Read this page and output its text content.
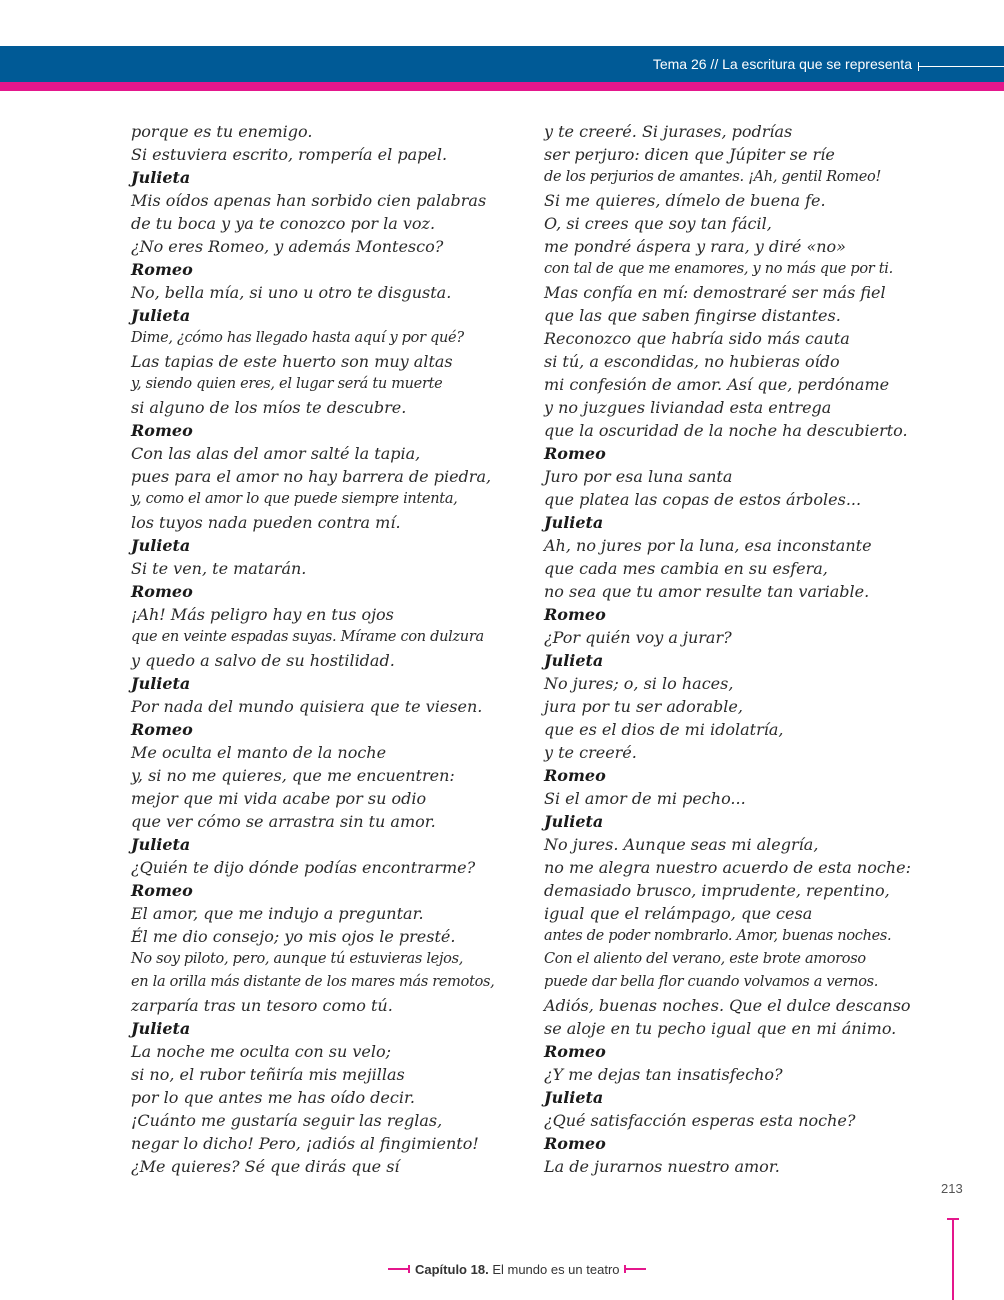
Tema 26 // La escritura que se representa
porque es tu enemigo.
Si estuviera escrito, rompería el papel.
Julieta
Mis oídos apenas han sorbido cien palabras
de tu boca y ya te conozco por la voz.
¿No eres Romeo, y además Montesco?
Romeo
No, bella mía, si uno u otro te disgusta.
Julieta
Dime, ¿cómo has llegado hasta aquí y por qué?
Las tapias de este huerto son muy altas
y, siendo quien eres, el lugar será tu muerte
si alguno de los míos te descubre.
Romeo
Con las alas del amor salté la tapia,
pues para el amor no hay barrera de piedra,
y, como el amor lo que puede siempre intenta,
los tuyos nada pueden contra mí.
Julieta
Si te ven, te matarán.
Romeo
¡Ah! Más peligro hay en tus ojos
que en veinte espadas suyas. Mírame con dulzura
y quedo a salvo de su hostilidad.
Julieta
Por nada del mundo quisiera que te viesen.
Romeo
Me oculta el manto de la noche
y, si no me quieres, que me encuentren:
mejor que mi vida acabe por su odio
que ver cómo se arrastra sin tu amor.
Julieta
¿Quién te dijo dónde podías encontrarme?
Romeo
El amor, que me indujo a preguntar.
Él me dio consejo; yo mis ojos le presté.
No soy piloto, pero, aunque tú estuvieras lejos,
en la orilla más distante de los mares más remotos,
zarparía tras un tesoro como tú.
Julieta
La noche me oculta con su velo;
si no, el rubor teñiría mis mejillas
por lo que antes me has oído decir.
¡Cuánto me gustaría seguir las reglas,
negar lo dicho! Pero, ¡adiós al fingimiento!
¿Me quieres? Sé que dirás que sí
y te creeré. Si jurases, podrías
ser perjuro: dicen que Júpiter se ríe
de los perjurios de amantes. ¡Ah, gentil Romeo!
Si me quieres, dímelo de buena fe.
O, si crees que soy tan fácil,
me pondré áspera y rara, y diré «no»
con tal de que me enamores, y no más que por ti.
Mas confía en mí: demostraré ser más fiel
que las que saben fingirse distantes.
Reconozco que habría sido más cauta
si tú, a escondidas, no hubieras oído
mi confesión de amor. Así que, perdóname
y no juzgues liviandad esta entrega
que la oscuridad de la noche ha descubierto.
Romeo
Juro por esa luna santa
que platea las copas de estos árboles...
Julieta
Ah, no jures por la luna, esa inconstante
que cada mes cambia en su esfera,
no sea que tu amor resulte tan variable.
Romeo
¿Por quién voy a jurar?
Julieta
No jures; o, si lo haces,
jura por tu ser adorable,
que es el dios de mi idolatría,
y te creeré.
Romeo
Si el amor de mi pecho...
Julieta
No jures. Aunque seas mi alegría,
no me alegra nuestro acuerdo de esta noche:
demasiado brusco, imprudente, repentino,
igual que el relámpago, que cesa
antes de poder nombrarlo. Amor, buenas noches.
Con el aliento del verano, este brote amoroso
puede dar bella flor cuando volvamos a vernos.
Adiós, buenas noches. Que el dulce descanso
se aloje en tu pecho igual que en mi ánimo.
Romeo
¿Y me dejas tan insatisfecho?
Julieta
¿Qué satisfacción esperas esta noche?
Romeo
La de jurarnos nuestro amor.
213
Capítulo 18.
El mundo es un teatro
